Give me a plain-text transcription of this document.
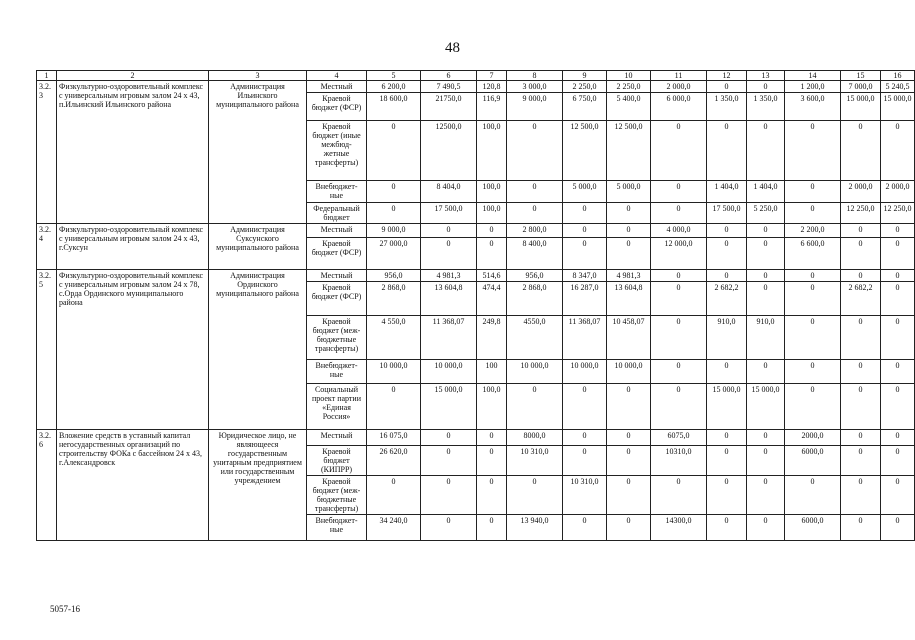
48
1	2	3	4	5	6	7	8	9	10	11	12	13	14	15	16
3.2.3	Физкультурно-оздоровительный комплекс с универсальным игровым залом 24 х 43, п.Ильинский Ильинского района	Администрация Ильинского муниципального района	Местный	6 200,0	7 490,5	120,8	3 000,0	2 250,0	2 250,0	2 000,0	0	0	1 200,0	7 000,0	5 240,5
			Краевой бюджет (ФСР)	18 600,0	21750,0	116,9	9 000,0	6 750,0	5 400,0	6 000,0	1 350,0	1 350,0	3 600,0	15 000,0	15 000,0
			Краевой бюджет (иные межбюд-жетные трансферты)	0	12500,0	100,0	0	12 500,0	12 500,0	0	0	0	0	0	0
			Внебюджет-ные	0	8 404,0	100,0	0	5 000,0	5 000,0	0	1 404,0	1 404,0	0	2 000,0	2 000,0
			Федеральный бюджет	0	17 500,0	100,0	0	0	0	0	17 500,0	5 250,0	0	12 250,0	12 250,0
3.2.4	Физкультурно-оздоровительный комплекс с универсальным игровым залом 24 х 43, г.Суксун	Администрация Суксунского муниципального района	Местный	9 000,0	0	0	2 800,0	0	0	4 000,0	0	0	2 200,0	0	0
			Краевой бюджет (ФСР)	27 000,0	0	0	8 400,0	0	0	12 000,0	0	0	6 600,0	0	0
3.2.5	Физкультурно-оздоровительный комплекс с универсальным игровым залом 24 х 78, с.Орда Ординского муниципального района	Администрация Ординского муниципального района	Местный	956,0	4 981,3	514,6	956,0	8 347,0	4 981,3	0	0	0	0	0	0
			Краевой бюджет (ФСР)	2 868,0	13 604,8	474,4	2 868,0	16 287,0	13 604,8	0	2 682,2	0	0	2 682,2	0
			Краевой бюджет (меж-бюджетные трансферты)	4 550,0	11 368,07	249,8	4550,0	11 368,07	10 458,07	0	910,0	910,0	0	0	0
			Внебюджет-ные	10 000,0	10 000,0	100	10 000,0	10 000,0	10 000,0	0	0	0	0	0	0
			Социальный проект партии «Единая Россия»	0	15 000,0	100,0	0	0	0	0	15 000,0	15 000,0	0	0	0
3.2.6	Вложение средств в уставный капитал негосударственных организаций по строительству ФОКа с бассейном 24 х 43, г.Александровск	Юридическое лицо, не являющееся государственным унитарным предприятием или государственным учреждением	Местный	16 075,0	0	0	8000,0	0	0	6075,0	0	0	2000,0	0	0
			Краевой бюджет (КИПРР)	26 620,0	0	0	10 310,0	0	0	10310,0	0	0	6000,0	0	0
			Краевой бюджет (меж-бюджетные трансферты)	0	0	0	0	10 310,0	0	0	0	0	0	0	0
			Внебюджет-ные	34 240,0	0	0	13 940,0	0	0	14300,0	0	0	6000,0	0	0
5057-16
